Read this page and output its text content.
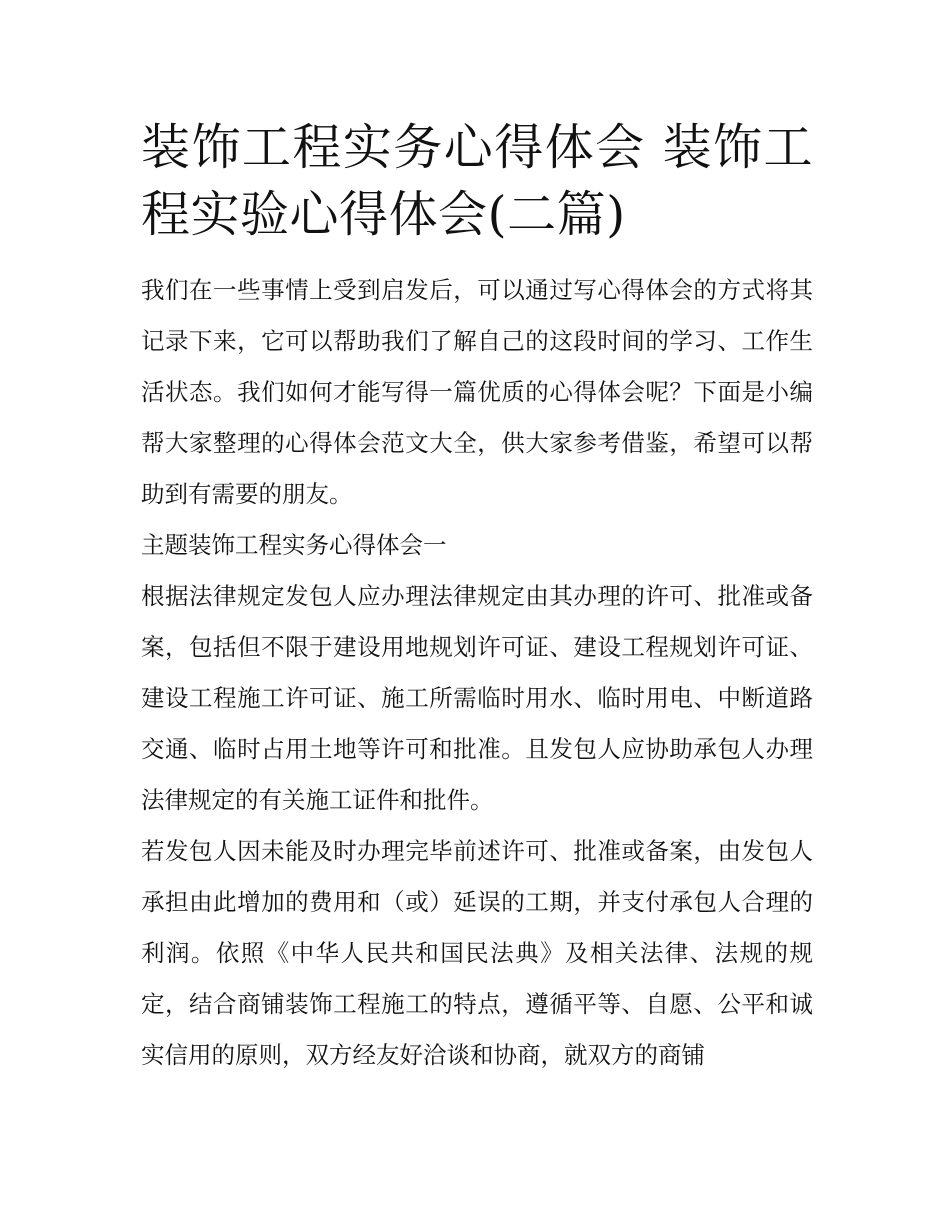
装饰工程实务心得体会 装饰工程实验心得体会(二篇)

我们在一些事情上受到启发后，可以通过写心得体会的方式将其记录下来，它可以帮助我们了解自己的这段时间的学习、工作生活状态。我们如何才能写得一篇优质的心得体会呢？下面是小编帮大家整理的心得体会范文大全，供大家参考借鉴，希望可以帮助到有需要的朋友。

主题装饰工程实务心得体会一

根据法律规定发包人应办理法律规定由其办理的许可、批准或备案，包括但不限于建设用地规划许可证、建设工程规划许可证、建设工程施工许可证、施工所需临时用水、临时用电、中断道路交通、临时占用土地等许可和批准。且发包人应协助承包人办理法律规定的有关施工证件和批件。

若发包人因未能及时办理完毕前述许可、批准或备案，由发包人承担由此增加的费用和（或）延误的工期，并支付承包人合理的利润。依照《中华人民共和国民法典》及相关法律、法规的规定，结合商铺装饰工程施工的特点，遵循平等、自愿、公平和诚实信用的原则，双方经友好洽谈和协商，就双方的商铺
